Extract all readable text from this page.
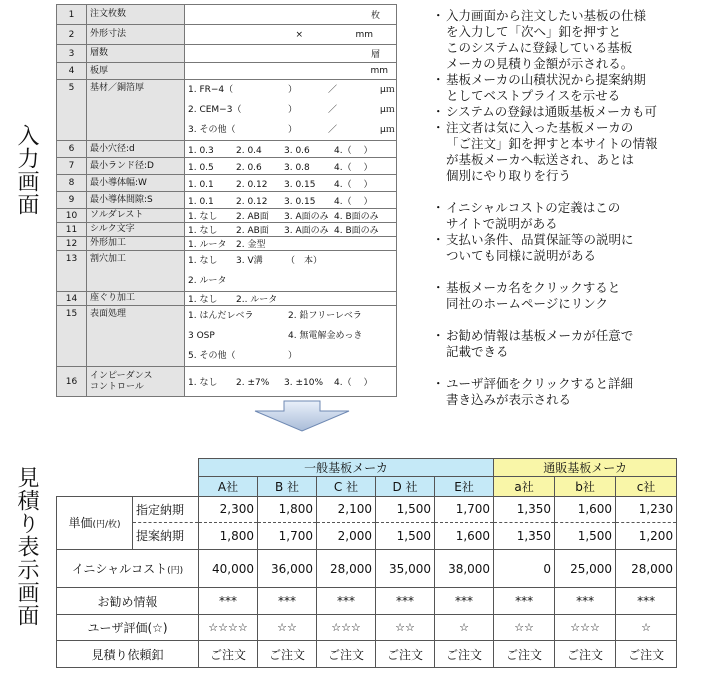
入力画面
見積り表示画面
1	注文枚数	枚

2	外形寸法	× mm

3	層数	層

4	板厚	mm

5	基材／銅箔厚	1. FR−4（ ） ／ μｍ
2. CEM−3（ ） ／ μｍ
3. その他（ ） ／ μｍ

6	最小穴径:d	1. 0.3 2. 0.4 3. 0.6 4.（　 ）

7	最小ランド径:D	1. 0.5 2. 0.6 3. 0.8 4.（　 ）

8	最小導体幅:W	1. 0.1 2. 0.12 3. 0.15 4.（　 ）

9	最小導体間隙:S	1. 0.1 2. 0.12 3. 0.15 4.（　 ）

10	ソルダレスト	1. なし 2. AB面 3. A面のみ 4. B面のみ

11	シルク文字	1. なし 2. AB面 3. A面のみ 4. B面のみ

12	外形加工	1. ルータ 2. 金型

13	割穴加工	1. なし 3. V溝 （　本）
2. ルータ

14	座ぐり加工	1. なし 2.. ルータ

15	表面処理	1. はんだレベラ 2. 鉛フリーレベラ
3 OSP 4. 無電解金めっき
5. その他（ ）

16	インピーダンス
コントロール	1. なし 2. ±7% 3. ±10% 4.（　 ）
・ 入力画面から注文したい基板の仕様
を入力して「次へ」釦を押すと
このシステムに登録している基板
メーカの見積り金額が示される。
・ 基板メーカの山積状況から提案納期
としてベストプライスを示せる
・ システムの登録は通販基板メーカも可
・ 注文者は気に入った基板メーカの
「ご注文」釦を押すと本サイトの情報
が基板メーカへ転送され、あとは
個別にやり取りを行う
・ イニシャルコストの定義はこの
サイトで説明がある
・ 支払い条件、品質保証等の説明に
ついても同様に説明がある
・ 基板メーカ名をクリックすると
同社のホームページにリンク
・ お勧め情報は基板メーカが任意で
記載できる
・ ユーザ評価をクリックすると詳細
書き込みが表示される
		一般基板メーカ					通販基板メーカ		
		A社	B 社	C 社	D 社	E社	a社	b社	c社
単価(円/枚)	指定納期	2,300	1,800	2,100	1,500	1,700	1,350	1,600	1,230
	提案納期	1,800	1,700	2,000	1,500	1,600	1,350	1,500	1,200
イニシャルコスト(円)		40,000	36,000	28,000	35,000	38,000	0	25,000	28,000
お勧め情報		***	***	***	***	***	***	***	***
ユーザ評価(☆)		☆☆☆☆	☆☆	☆☆☆	☆☆	☆	☆☆	☆☆☆	☆
見積り依頼釦		ご注文	ご注文	ご注文	ご注文	ご注文	ご注文	ご注文	ご注文
